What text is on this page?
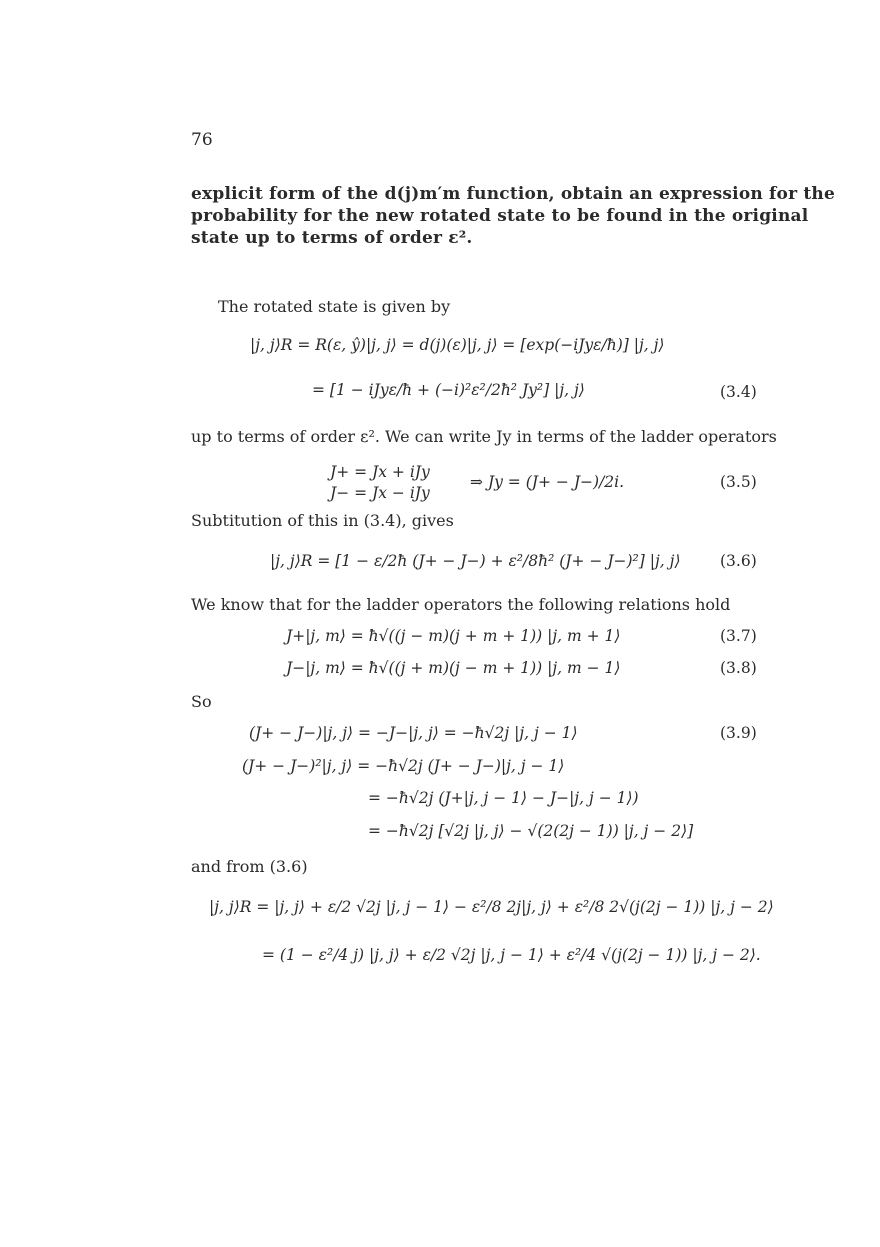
76
explicit form of the d(j)m′m function, obtain an expression for the
probability for the new rotated state to be found in the original
state up to terms of order ε².
The rotated state is given by
|j, j⟩R = R(ε, ŷ)|j, j⟩ = d(j)(ε)|j, j⟩ = [exp(−iJyε/ħ)] |j, j⟩
= [1 − iJyε/ħ + (−i)²ε²/2ħ² Jy²] |j, j⟩	(3.4)
up to terms of order ε². We can write Jy in terms of the ladder operators
J+ = Jx + iJy
J− = Jx − iJy
⇒ Jy = (J+ − J−)/2i.	(3.5)
Subtitution of this in (3.4), gives
|j, j⟩R = [1 − ε/2ħ (J+ − J−) + ε²/8ħ² (J+ − J−)²] |j, j⟩	(3.6)
We know that for the ladder operators the following relations hold
J+|j, m⟩ = ħ√((j − m)(j + m + 1)) |j, m + 1⟩	(3.7)
J−|j, m⟩ = ħ√((j + m)(j − m + 1)) |j, m − 1⟩	(3.8)
So
(J+ − J−)|j, j⟩ = −J−|j, j⟩ = −ħ√2j |j, j − 1⟩	(3.9)
(J+ − J−)²|j, j⟩ = −ħ√2j (J+ − J−)|j, j − 1⟩
= −ħ√2j (J+|j, j − 1⟩ − J−|j, j − 1⟩)
= −ħ√2j [√2j |j, j⟩ − √(2(2j − 1)) |j, j − 2⟩]
and from (3.6)
|j, j⟩R = |j, j⟩ + ε/2 √2j |j, j − 1⟩ − ε²/8 2j|j, j⟩ + ε²/8 2√(j(2j − 1)) |j, j − 2⟩
= (1 − ε²/4 j) |j, j⟩ + ε/2 √2j |j, j − 1⟩ + ε²/4 √(j(2j − 1)) |j, j − 2⟩.
